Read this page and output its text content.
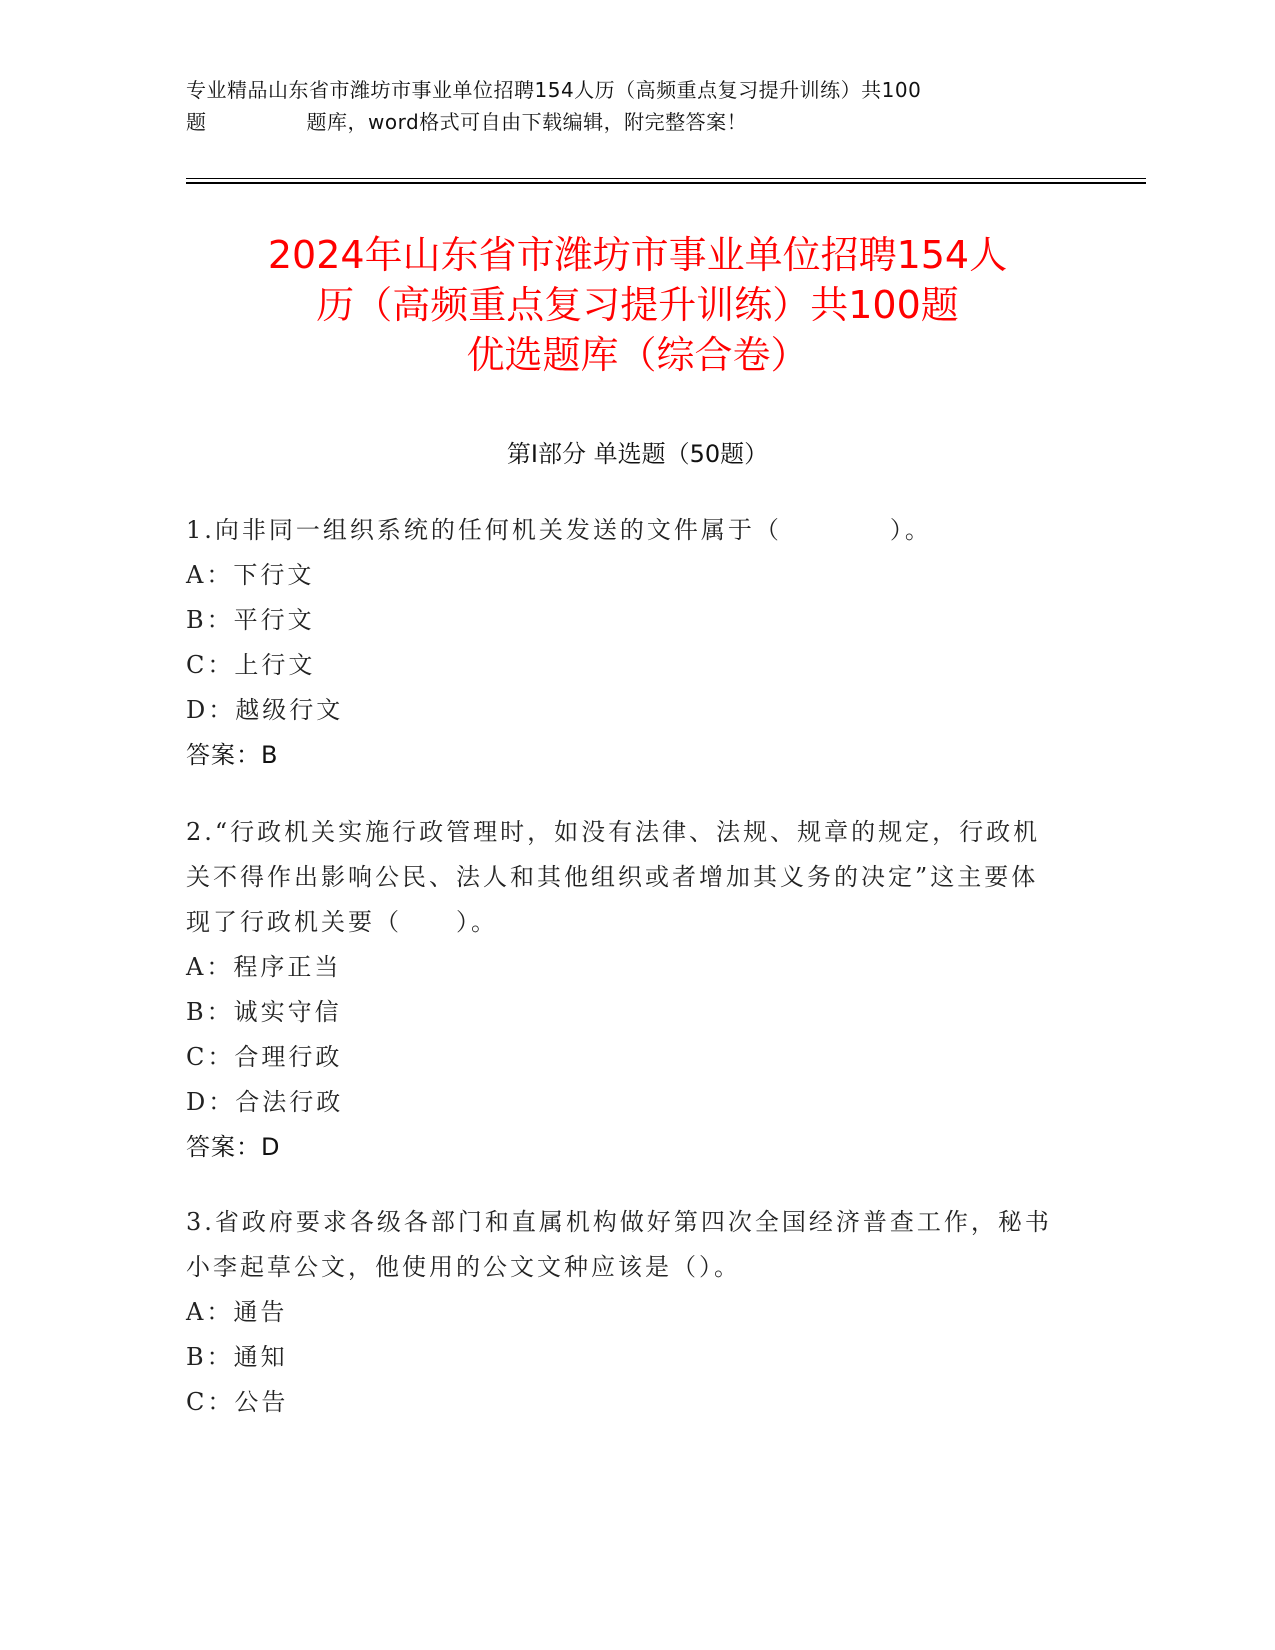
专业精品山东省市潍坊市事业单位招聘154人历（高频重点复习提升训练）共100
题	题库，word格式可自由下载编辑，附完整答案！
2024年山东省市潍坊市事业单位招聘154人
历（高频重点复习提升训练）共100题
优选题库（综合卷）
第Ⅰ部分 单选题（50题）

1.向非同一组织系统的任何机关发送的文件属于（　　　　）。

A：下行文

B：平行文

C：上行文

D：越级行文

答案：B

2.“行政机关实施行政管理时，如没有法律、法规、规章的规定，行政机关不得作出影响公民、法人和其他组织或者增加其义务的决定”这主要体现了行政机关要（　　）。

A：程序正当

B：诚实守信

C：合理行政

D：合法行政

答案：D

3.省政府要求各级各部门和直属机构做好第四次全国经济普查工作，秘书小李起草公文，他使用的公文文种应该是（）。

A：通告

B：通知

C：公告
